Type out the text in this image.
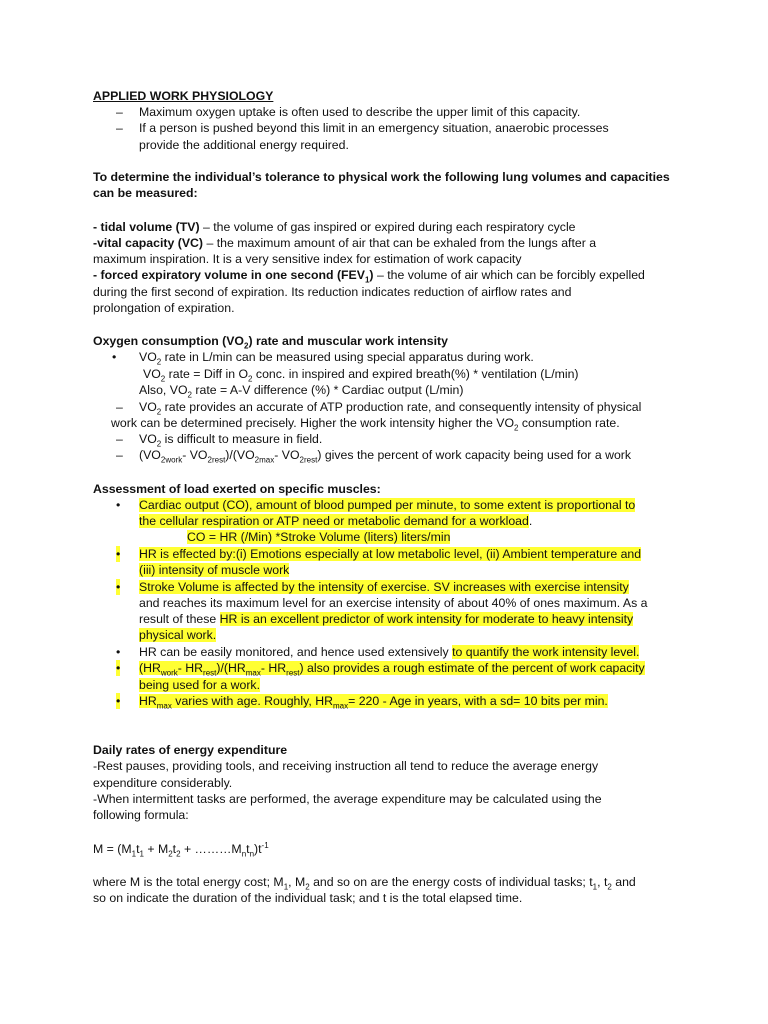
APPLIED WORK PHYSIOLOGY
– Maximum oxygen uptake is often used to describe the upper limit of this capacity.
– If a person is pushed beyond this limit in an emergency situation, anaerobic processes
provide the additional energy required.
To determine the individual’s tolerance to physical work the following lung volumes and capacities
can be measured:
- tidal volume (TV) – the volume of gas inspired or expired during each respiratory cycle
-vital capacity (VC) – the maximum amount of air that can be exhaled from the lungs after a
maximum inspiration. It is a very sensitive index for estimation of work capacity
- forced expiratory volume in one second $(FEV_1)$ – the volume of air which can be forcibly expelled
during the first second of expiration. Its reduction indicates reduction of airflow rates and
prolongation of expiration.
Oxygen consumption $(VO_2)$ rate and muscular work intensity
• $VO_2$ rate in L/min can be measured using special apparatus during work.
$VO_2$ rate = Diff in $O_2$ conc. in inspired and expired breath(%) * ventilation (L/min)
Also, $VO_2$ rate = A-V difference (%) * Cardiac output (L/min)
– $VO_2$ rate provides an accurate of ATP production rate, and consequently intensity of physical
work can be determined precisely. Higher the work intensity higher the $VO_2$ consumption rate.
– $VO_2$ is difficult to measure in field.
– ($VO_{2work}-$ $VO_{2rest})/(VO_{2max}-$ $VO_{2rest}$) gives the percent of work capacity being used for a work
Assessment of load exerted on specific muscles:
• Cardiac output (CO), amount of blood pumped per minute, to some extent is proportional to
the cellular respiration or ATP need or metabolic demand for a workload.
CO = HR (/Min) *Stroke Volume (liters) liters/min
• HR is effected by:(i) Emotions especially at low metabolic level, (ii) Ambient temperature and
(iii) intensity of muscle work
• Stroke Volume is affected by the intensity of exercise. SV increases with exercise intensity
and reaches its maximum level for an exercise intensity of about 40% of ones maximum. As a
result of these HR is an excellent predictor of work intensity for moderate to heavy intensity
physical work.
• HR can be easily monitored, and hence used extensively to quantify the work intensity level.
• ($HR_{work}-$ $HR_{rest})/(HR_{max}-$ $HR_{rest}$) also provides a rough estimate of the percent of work capacity
being used for a work.
• $HR_{max}$ varies with age. Roughly, $HR_{max}= 220$ - Age in years, with a sd= 10 bits per min.
Daily rates of energy expenditure
-Rest pauses, providing tools, and receiving instruction all tend to reduce the average energy
expenditure considerably.
-When intermittent tasks are performed, the average expenditure may be calculated using the
following formula:
$M = (M_1t_1 + M_2t_2$ + $\dots\dots\dots M_nt_n)t^{-1}$
where M is the total energy cost; $M_1$, $M_2$ and so on are the energy costs of individual tasks; $t_1$, $t_2$ and
so on indicate the duration of the individual task; and t is the total elapsed time.
